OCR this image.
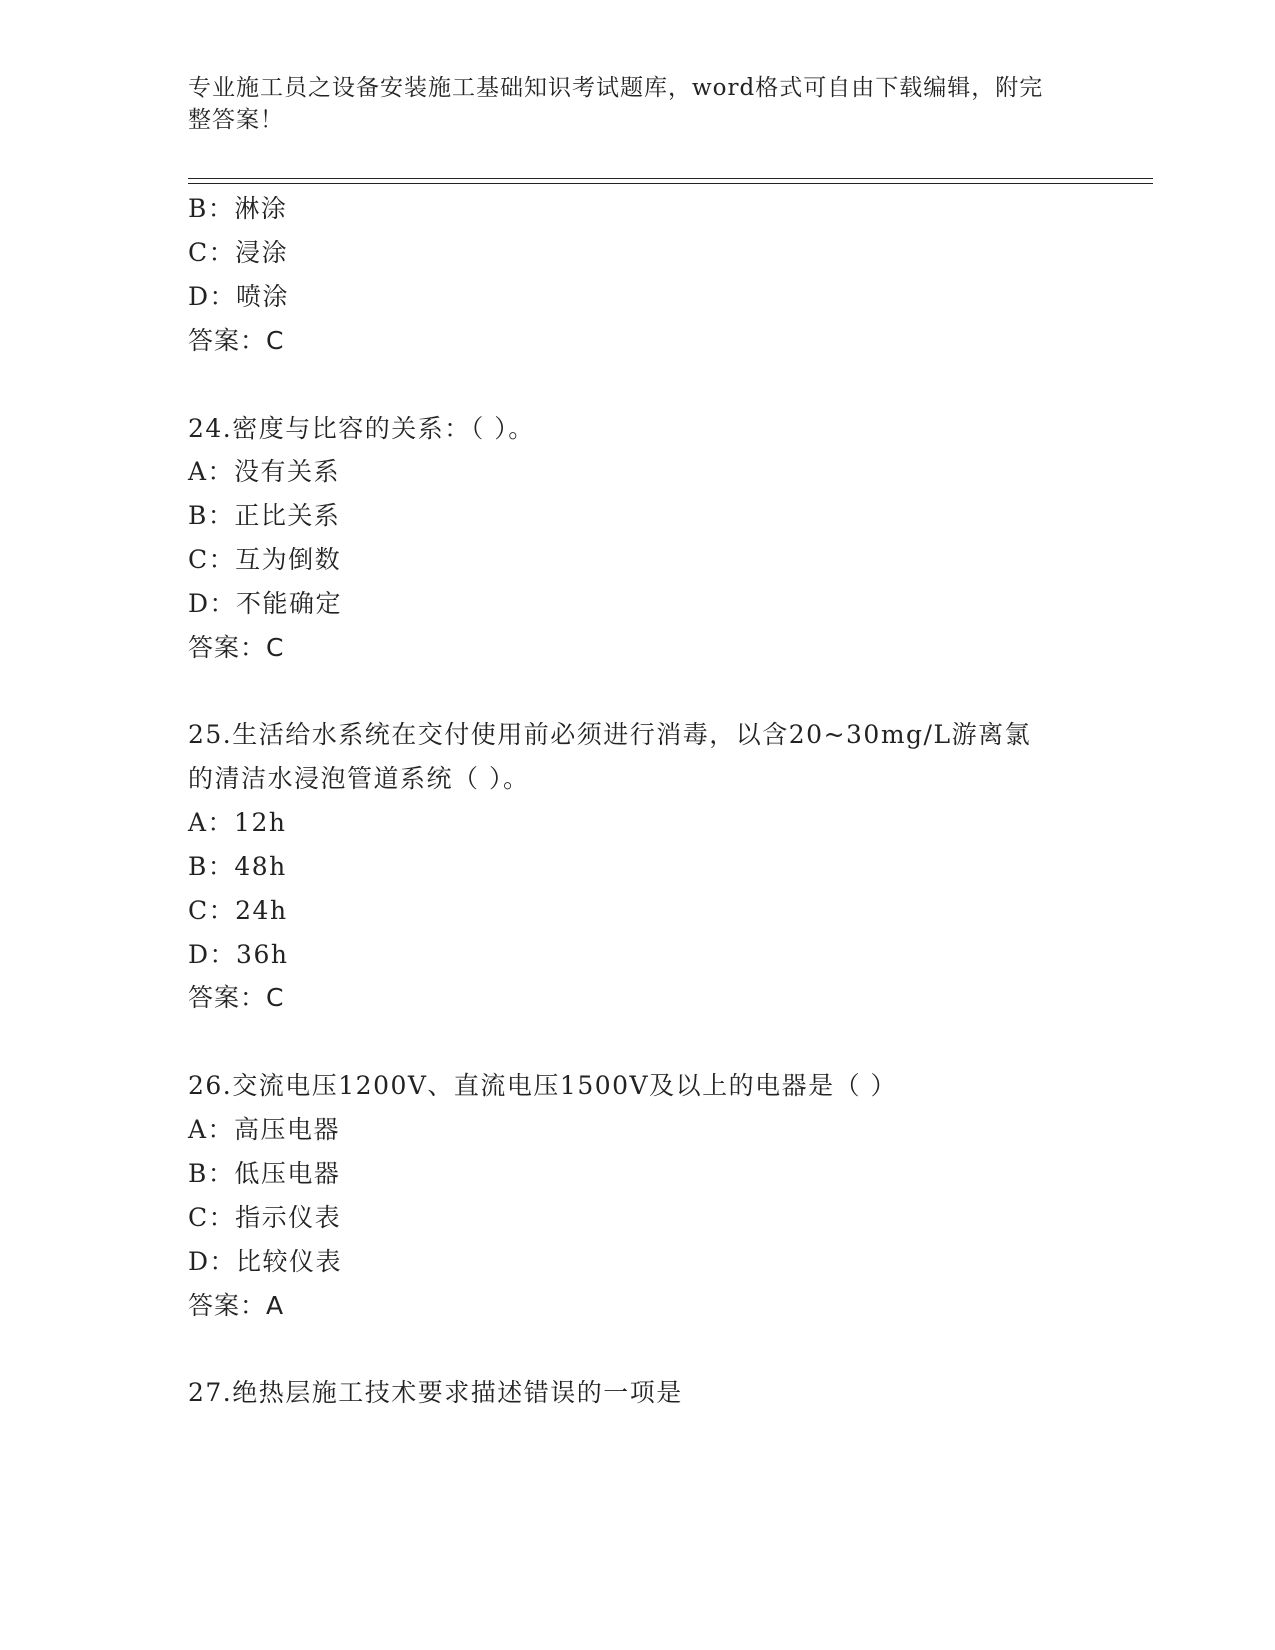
专业施工员之设备安装施工基础知识考试题库，word格式可自由下载编辑，附完
整答案！
B：淋涂
C：浸涂
D：喷涂
答案：C
24.密度与比容的关系：（ ）。
A：没有关系
B：正比关系
C：互为倒数
D：不能确定
答案：C
25.生活给水系统在交付使用前必须进行消毒，以含20~30mg/L游离氯
的清洁水浸泡管道系统（ ）。
A：12h
B：48h
C：24h
D：36h
答案：C
26.交流电压1200V、直流电压1500V及以上的电器是（ ）
A：高压电器
B：低压电器
C：指示仪表
D：比较仪表
答案：A
27.绝热层施工技术要求描述错误的一项是
